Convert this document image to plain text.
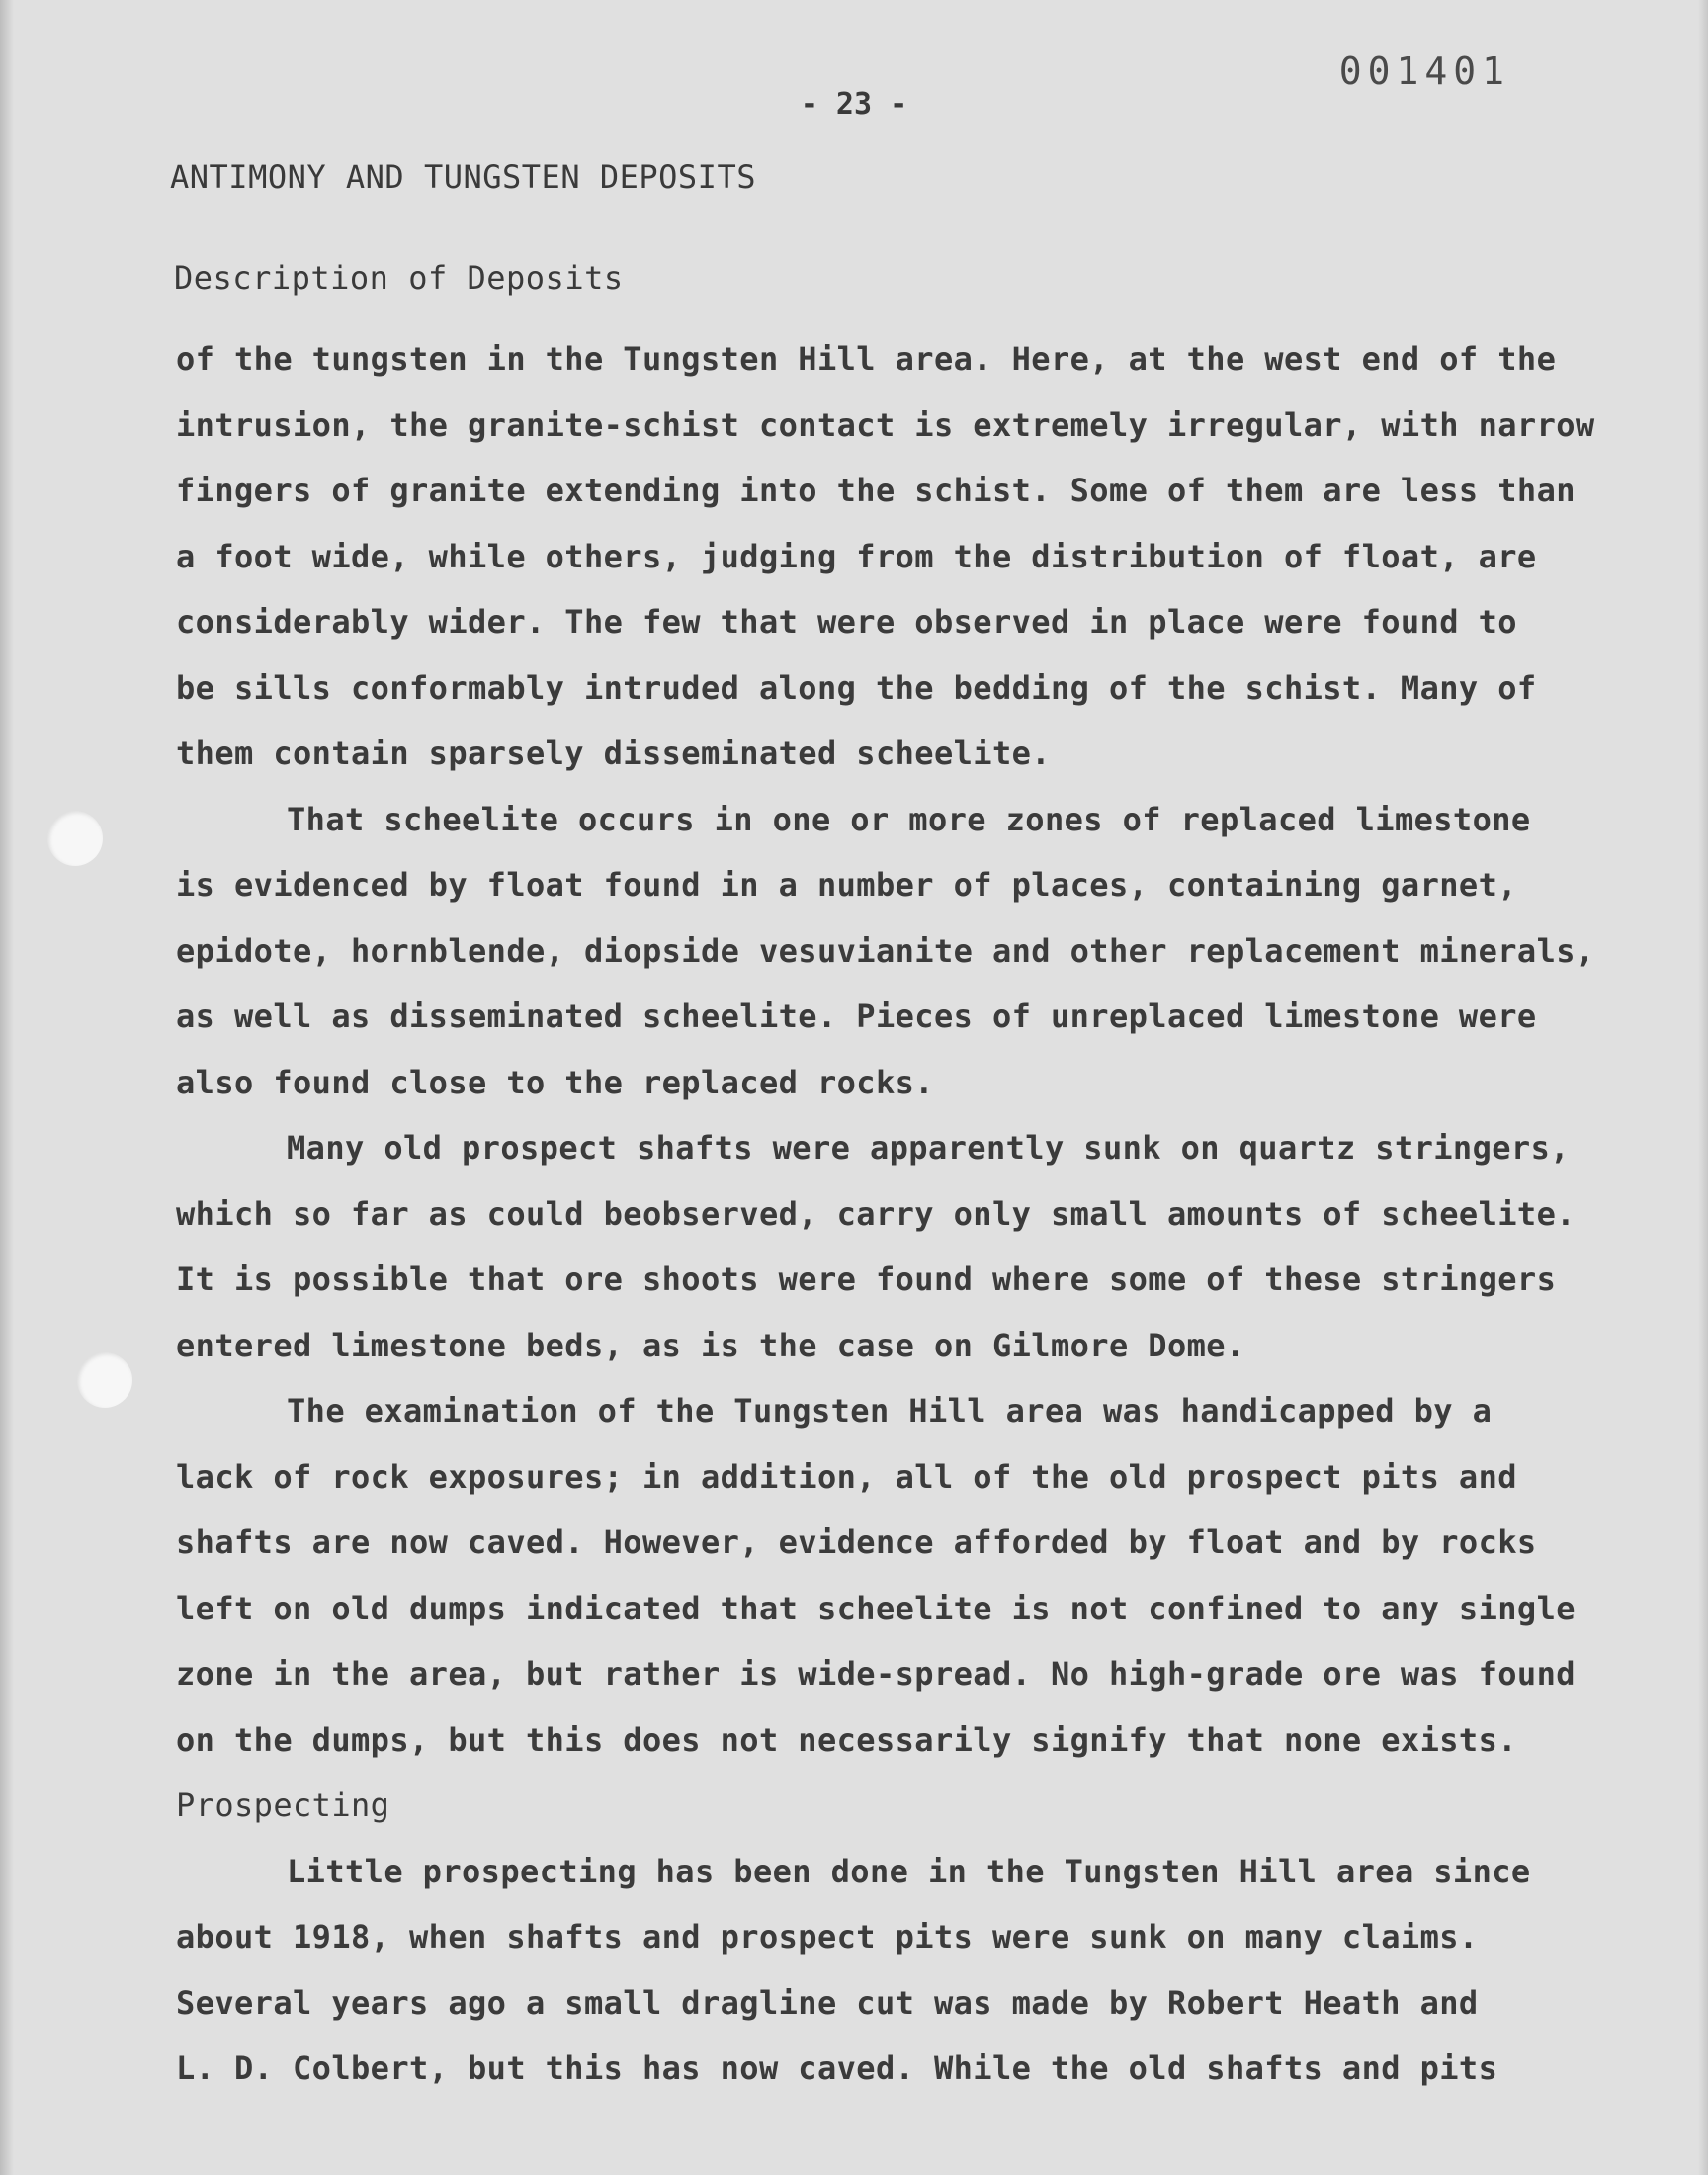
001401
- 23 -
ANTIMONY AND TUNGSTEN DEPOSITS
Description of Deposits
of the tungsten in the Tungsten Hill area. Here, at the west end of the
intrusion, the granite-schist contact is extremely irregular, with narrow
fingers of granite extending into the schist. Some of them are less than
a foot wide, while others, judging from the distribution of float, are
considerably wider. The few that were observed in place were found to
be sills conformably intruded along the bedding of the schist. Many of
them contain sparsely disseminated scheelite.
That scheelite occurs in one or more zones of replaced limestone
is evidenced by float found in a number of places, containing garnet,
epidote, hornblende, diopside vesuvianite and other replacement minerals,
as well as disseminated scheelite. Pieces of unreplaced limestone were
also found close to the replaced rocks.
Many old prospect shafts were apparently sunk on quartz stringers,
which so far as could beobserved, carry only small amounts of scheelite.
It is possible that ore shoots were found where some of these stringers
entered limestone beds, as is the case on Gilmore Dome.
The examination of the Tungsten Hill area was handicapped by a
lack of rock exposures; in addition, all of the old prospect pits and
shafts are now caved. However, evidence afforded by float and by rocks
left on old dumps indicated that scheelite is not confined to any single
zone in the area, but rather is wide-spread. No high-grade ore was found
on the dumps, but this does not necessarily signify that none exists.
Prospecting
Little prospecting has been done in the Tungsten Hill area since
about 1918, when shafts and prospect pits were sunk on many claims.
Several years ago a small dragline cut was made by Robert Heath and
L. D. Colbert, but this has now caved. While the old shafts and pits
